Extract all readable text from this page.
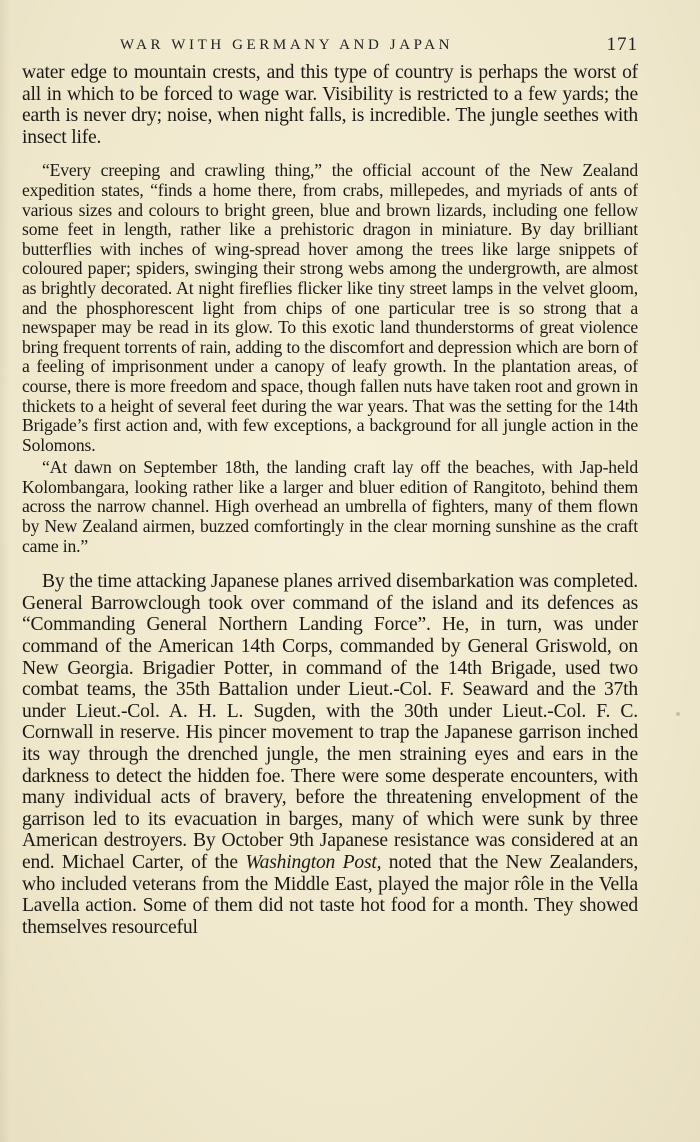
WAR WITH GERMANY AND JAPAN	171

water edge to mountain crests, and this type of country is perhaps the worst of all in which to be forced to wage war. Visibility is restricted to a few yards; the earth is never dry; noise, when night falls, is incredible. The jungle seethes with insect life.

“Every creeping and crawling thing,” the official account of the New Zealand expedition states, “finds a home there, from crabs, millepedes, and myriads of ants of various sizes and colours to bright green, blue and brown lizards, including one fellow some feet in length, rather like a prehistoric dragon in miniature. By day brilliant butterflies with inches of wing-spread hover among the trees like large snippets of coloured paper; spiders, swinging their strong webs among the undergrowth, are almost as brightly decorated. At night fireflies flicker like tiny street lamps in the velvet gloom, and the phosphorescent light from chips of one particular tree is so strong that a newspaper may be read in its glow. To this exotic land thunderstorms of great violence bring frequent torrents of rain, adding to the discomfort and depression which are born of a feeling of imprisonment under a canopy of leafy growth. In the plantation areas, of course, there is more freedom and space, though fallen nuts have taken root and grown in thickets to a height of several feet during the war years. That was the setting for the 14th Brigade’s first action and, with few exceptions, a background for all jungle action in the Solomons.

“At dawn on September 18th, the landing craft lay off the beaches, with Jap-held Kolombangara, looking rather like a larger and bluer edition of Rangitoto, behind them across the narrow channel. High overhead an umbrella of fighters, many of them flown by New Zealand airmen, buzzed comfortingly in the clear morning sunshine as the craft came in.”

By the time attacking Japanese planes arrived disembarkation was completed. General Barrowclough took over command of the island and its defences as “Commanding General Northern Landing Force”. He, in turn, was under command of the American 14th Corps, commanded by General Griswold, on New Georgia. Brigadier Potter, in command of the 14th Brigade, used two combat teams, the 35th Battalion under Lieut.-Col. F. Seaward and the 37th under Lieut.-Col. A. H. L. Sugden, with the 30th under Lieut.-Col. F. C. Cornwall in reserve. His pincer movement to trap the Japanese garrison inched its way through the drenched jungle, the men straining eyes and ears in the darkness to detect the hidden foe. There were some desperate encounters, with many individual acts of bravery, before the threatening envelopment of the garrison led to its evacuation in barges, many of which were sunk by three American destroyers. By October 9th Japanese resistance was considered at an end. Michael Carter, of the Washington Post, noted that the New Zealanders, who included veterans from the Middle East, played the major rôle in the Vella Lavella action. Some of them did not taste hot food for a month. They showed themselves resourceful
